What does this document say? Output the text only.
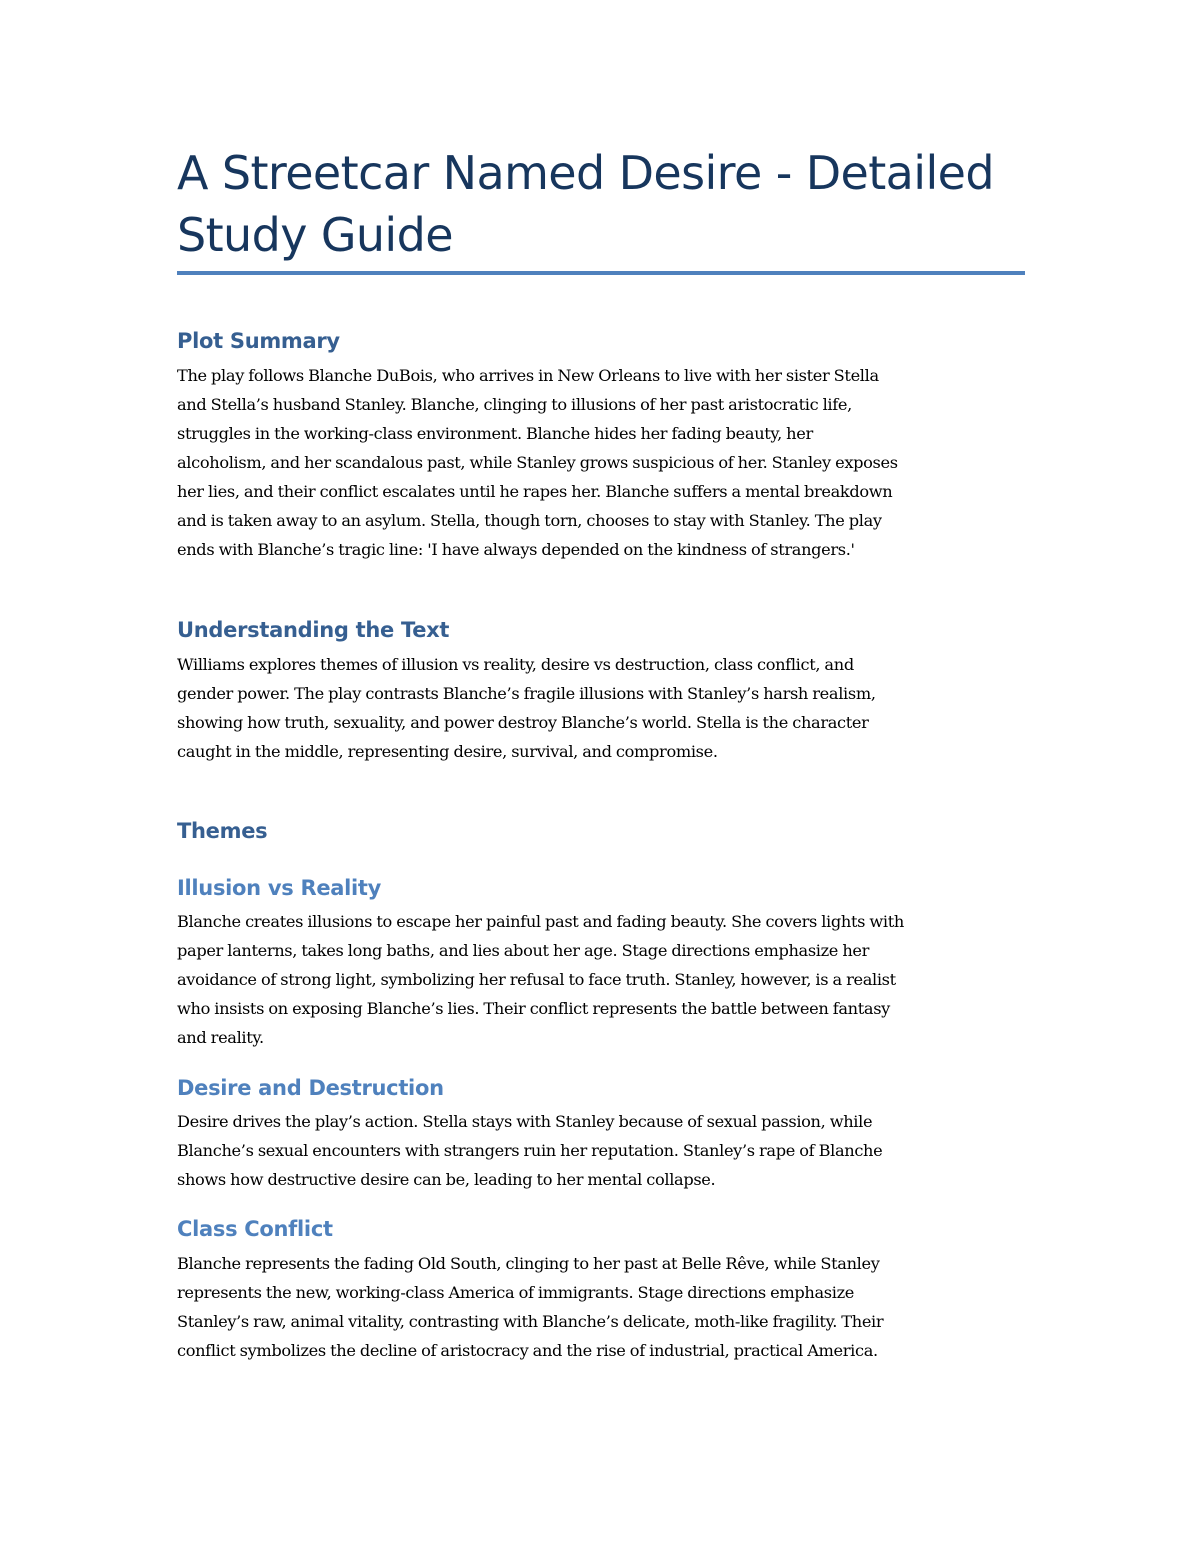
A Streetcar Named Desire - Detailed
Study Guide
Plot Summary

The play follows Blanche DuBois, who arrives in New Orleans to live with her sister Stella
and Stella’s husband Stanley. Blanche, clinging to illusions of her past aristocratic life,
struggles in the working-class environment. Blanche hides her fading beauty, her
alcoholism, and her scandalous past, while Stanley grows suspicious of her. Stanley exposes
her lies, and their conflict escalates until he rapes her. Blanche suffers a mental breakdown
and is taken away to an asylum. Stella, though torn, chooses to stay with Stanley. The play
ends with Blanche’s tragic line: 'I have always depended on the kindness of strangers.'

Understanding the Text

Williams explores themes of illusion vs reality, desire vs destruction, class conflict, and
gender power. The play contrasts Blanche’s fragile illusions with Stanley’s harsh realism,
showing how truth, sexuality, and power destroy Blanche’s world. Stella is the character
caught in the middle, representing desire, survival, and compromise.

Themes
Illusion vs Reality

Blanche creates illusions to escape her painful past and fading beauty. She covers lights with
paper lanterns, takes long baths, and lies about her age. Stage directions emphasize her
avoidance of strong light, symbolizing her refusal to face truth. Stanley, however, is a realist
who insists on exposing Blanche’s lies. Their conflict represents the battle between fantasy
and reality.

Desire and Destruction

Desire drives the play’s action. Stella stays with Stanley because of sexual passion, while
Blanche’s sexual encounters with strangers ruin her reputation. Stanley’s rape of Blanche
shows how destructive desire can be, leading to her mental collapse.

Class Conflict

Blanche represents the fading Old South, clinging to her past at Belle Rêve, while Stanley
represents the new, working-class America of immigrants. Stage directions emphasize
Stanley’s raw, animal vitality, contrasting with Blanche’s delicate, moth-like fragility. Their
conflict symbolizes the decline of aristocracy and the rise of industrial, practical America.
